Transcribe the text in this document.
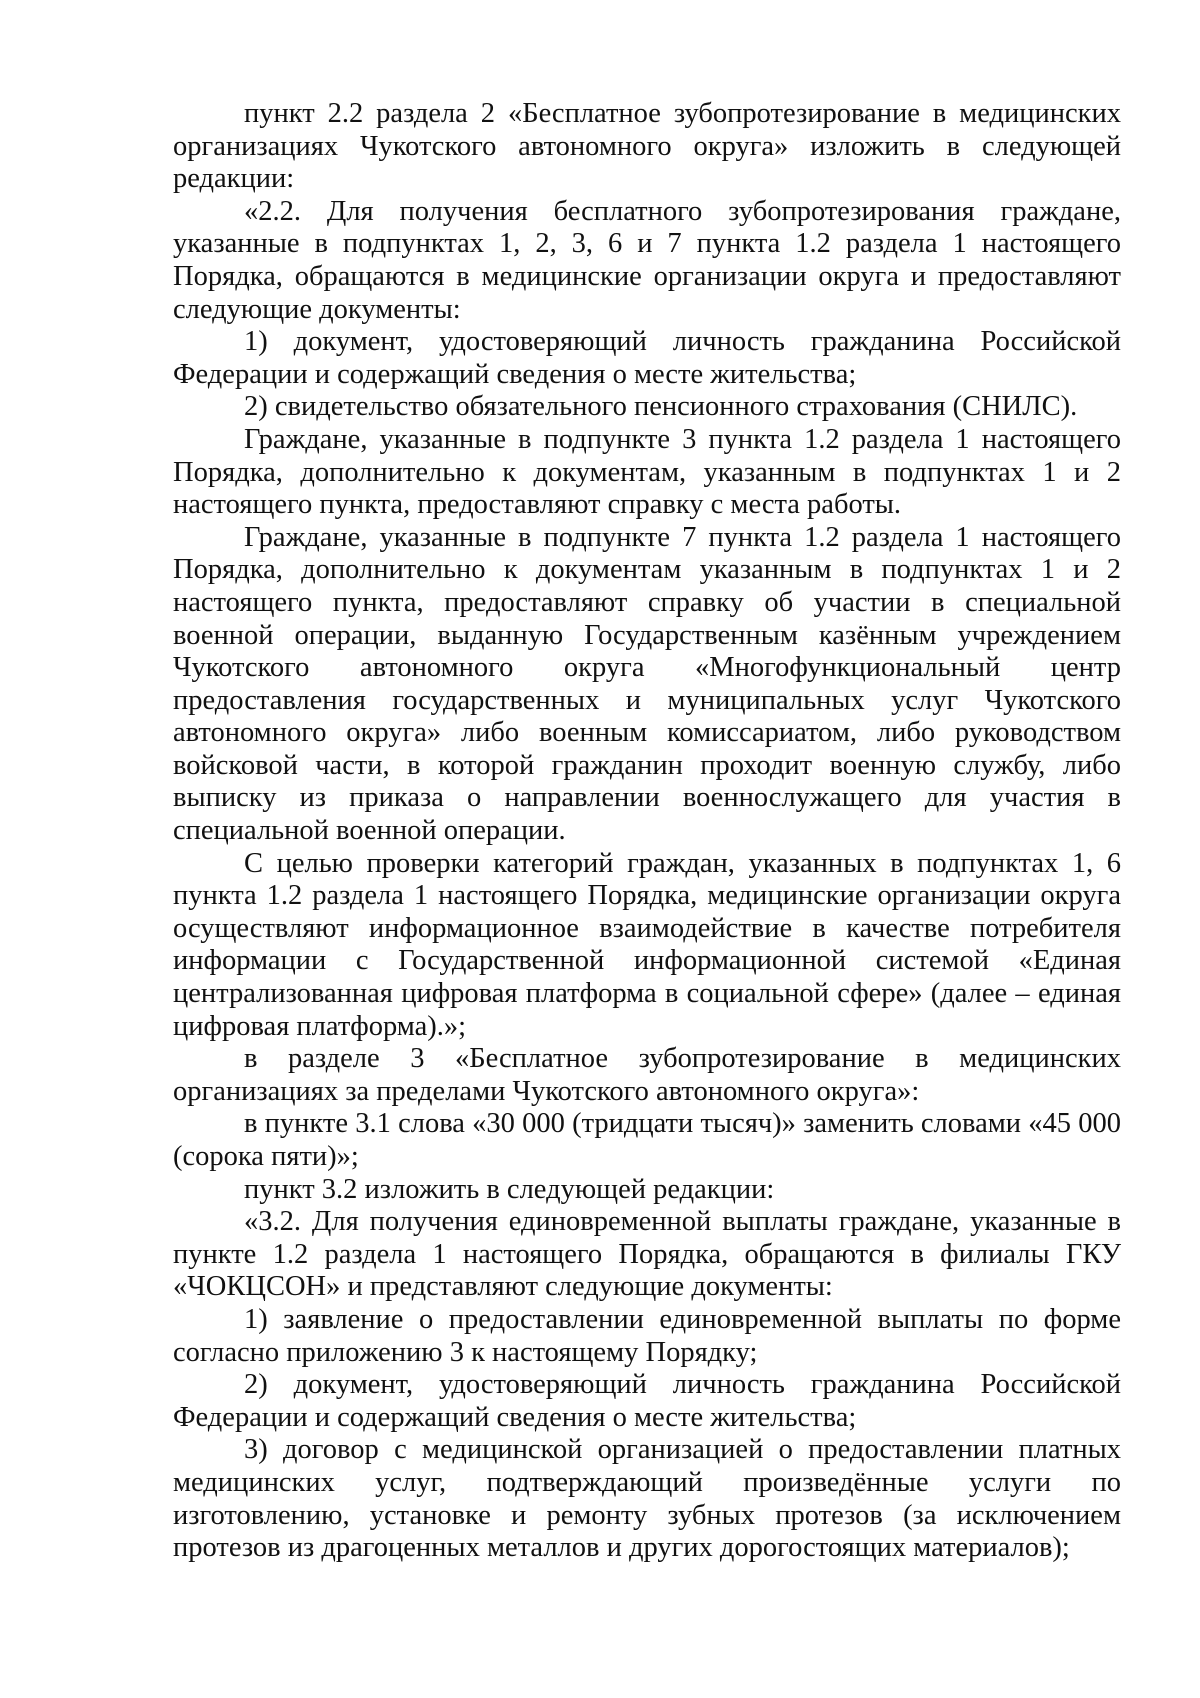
пункт 2.2 раздела 2 «Бесплатное зубопротезирование в медицинских организациях Чукотского автономного округа» изложить в следующей редакции:

«2.2. Для получения бесплатного зубопротезирования граждане, указанные в подпунктах 1, 2, 3, 6 и 7 пункта 1.2 раздела 1 настоящего Порядка, обращаются в медицинские организации округа и предоставляют следующие документы:

1) документ, удостоверяющий личность гражданина Российской Федерации и содержащий сведения о месте жительства;

2) свидетельство обязательного пенсионного страхования (СНИЛС).

Граждане, указанные в подпункте 3 пункта 1.2 раздела 1 настоящего Порядка, дополнительно к документам, указанным в подпунктах 1 и 2 настоящего пункта, предоставляют справку с места работы.

Граждане, указанные в подпункте 7 пункта 1.2 раздела 1 настоящего Порядка, дополнительно к документам указанным в подпунктах 1 и 2 настоящего пункта, предоставляют справку об участии в специальной военной операции, выданную Государственным казённым учреждением Чукотского автономного округа «Многофункциональный центр предоставления государственных и муниципальных услуг Чукотского автономного округа» либо военным комиссариатом, либо руководством войсковой части, в которой гражданин проходит военную службу, либо выписку из приказа о направлении военнослужащего для участия в специальной военной операции.

С целью проверки категорий граждан, указанных в подпунктах 1, 6 пункта 1.2 раздела 1 настоящего Порядка, медицинские организации округа осуществляют информационное взаимодействие в качестве потребителя информации с Государственной информационной системой «Единая централизованная цифровая платформа в социальной сфере» (далее – единая цифровая платформа).»;

в разделе 3 «Бесплатное зубопротезирование в медицинских организациях за пределами Чукотского автономного округа»:

в пункте 3.1 слова «30 000 (тридцати тысяч)» заменить словами «45 000 (сорока пяти)»;

пункт 3.2 изложить в следующей редакции:

«3.2. Для получения единовременной выплаты граждане, указанные в пункте 1.2 раздела 1 настоящего Порядка, обращаются в филиалы ГКУ «ЧОКЦСОН» и представляют следующие документы:

1) заявление о предоставлении единовременной выплаты по форме согласно приложению 3 к настоящему Порядку;

2) документ, удостоверяющий личность гражданина Российской Федерации и содержащий сведения о месте жительства;

3) договор с медицинской организацией о предоставлении платных медицинских услуг, подтверждающий произведённые услуги по изготовлению, установке и ремонту зубных протезов (за исключением протезов из драгоценных металлов и других дорогостоящих материалов);
